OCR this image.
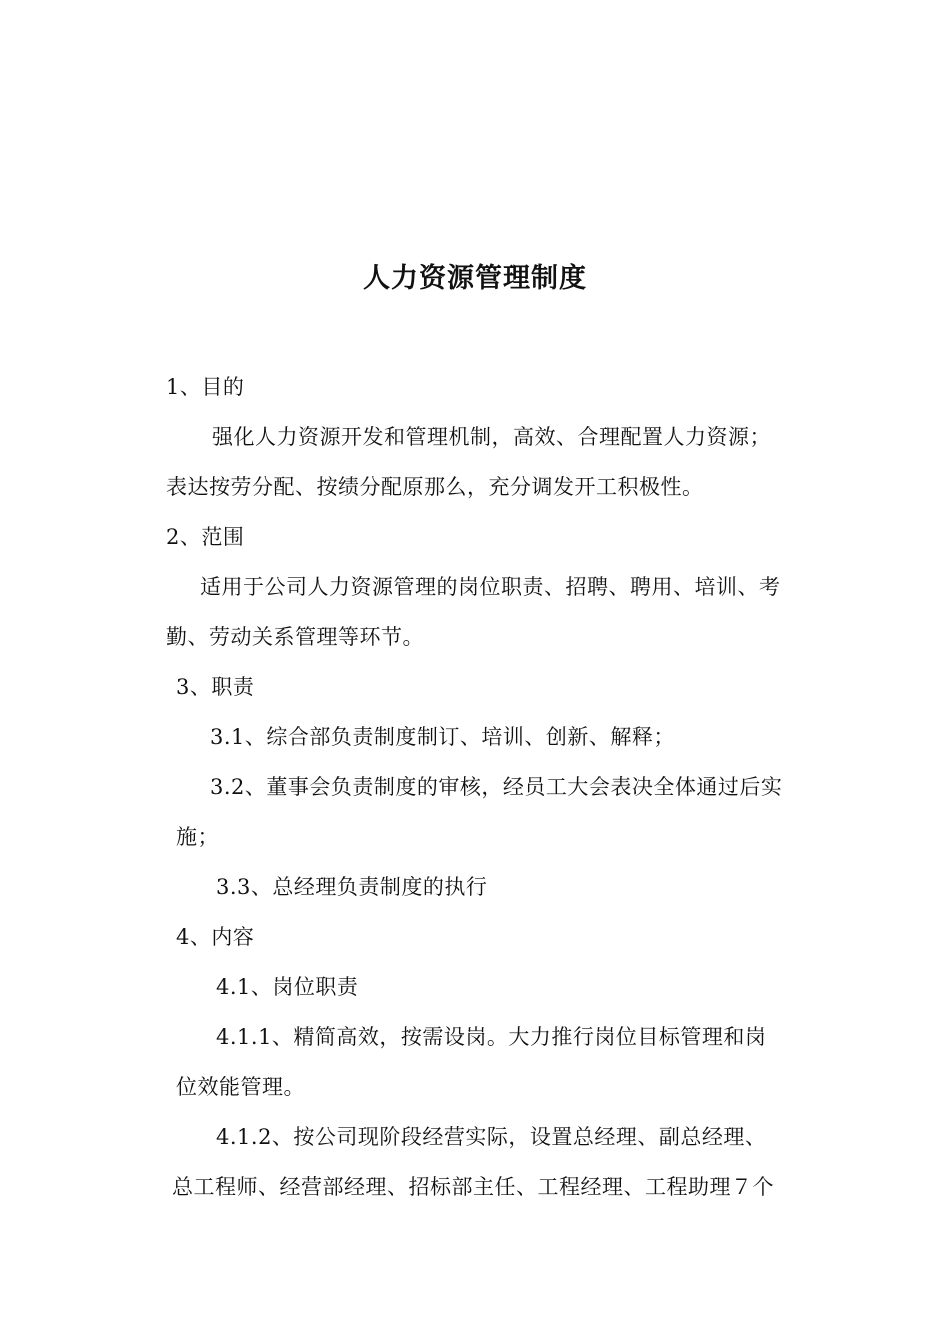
人力资源管理制度
1、目的
强化人力资源开发和管理机制，高效、合理配置人力资源；
表达按劳分配、按绩分配原那么，充分调发开工积极性。
2、范围
适用于公司人力资源管理的岗位职责、招聘、聘用、培训、考
勤、劳动关系管理等环节。
3、职责
3.1、综合部负责制度制订、培训、创新、解释；
3.2、董事会负责制度的审核，经员工大会表决全体通过后实
施；
3.3、总经理负责制度的执行
4、内容
4.1、岗位职责
4.1.1、精简高效，按需设岗。大力推行岗位目标管理和岗
位效能管理。
4.1.2、按公司现阶段经营实际，设置总经理、副总经理、
总工程师、经营部经理、招标部主任、工程经理、工程助理７个
